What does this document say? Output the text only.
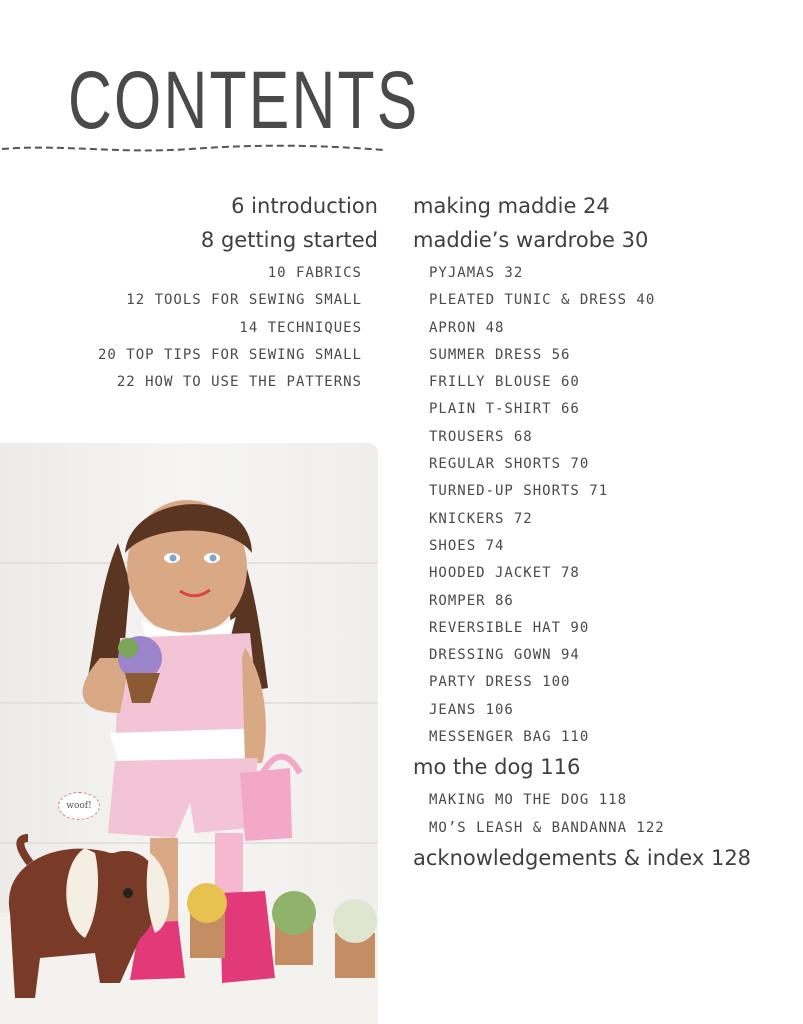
CONTENTS
6 introduction
8 getting started
10 FABRICS
12 TOOLS FOR SEWING SMALL
14 TECHNIQUES
20 TOP TIPS FOR SEWING SMALL
22 HOW TO USE THE PATTERNS
making maddie 24
maddie’s wardrobe 30
PYJAMAS 32
PLEATED TUNIC & DRESS 40
APRON 48
SUMMER DRESS 56
FRILLY BLOUSE 60
PLAIN T-SHIRT 66
TROUSERS 68
REGULAR SHORTS 70
TURNED-UP SHORTS 71
KNICKERS 72
SHOES 74
HOODED JACKET 78
ROMPER 86
REVERSIBLE HAT 90
DRESSING GOWN 94
PARTY DRESS 100
JEANS 106
MESSENGER BAG 110
mo the dog 116
MAKING MO THE DOG 118
MO’S LEASH & BANDANNA 122
acknowledgements & index 128
woof!
